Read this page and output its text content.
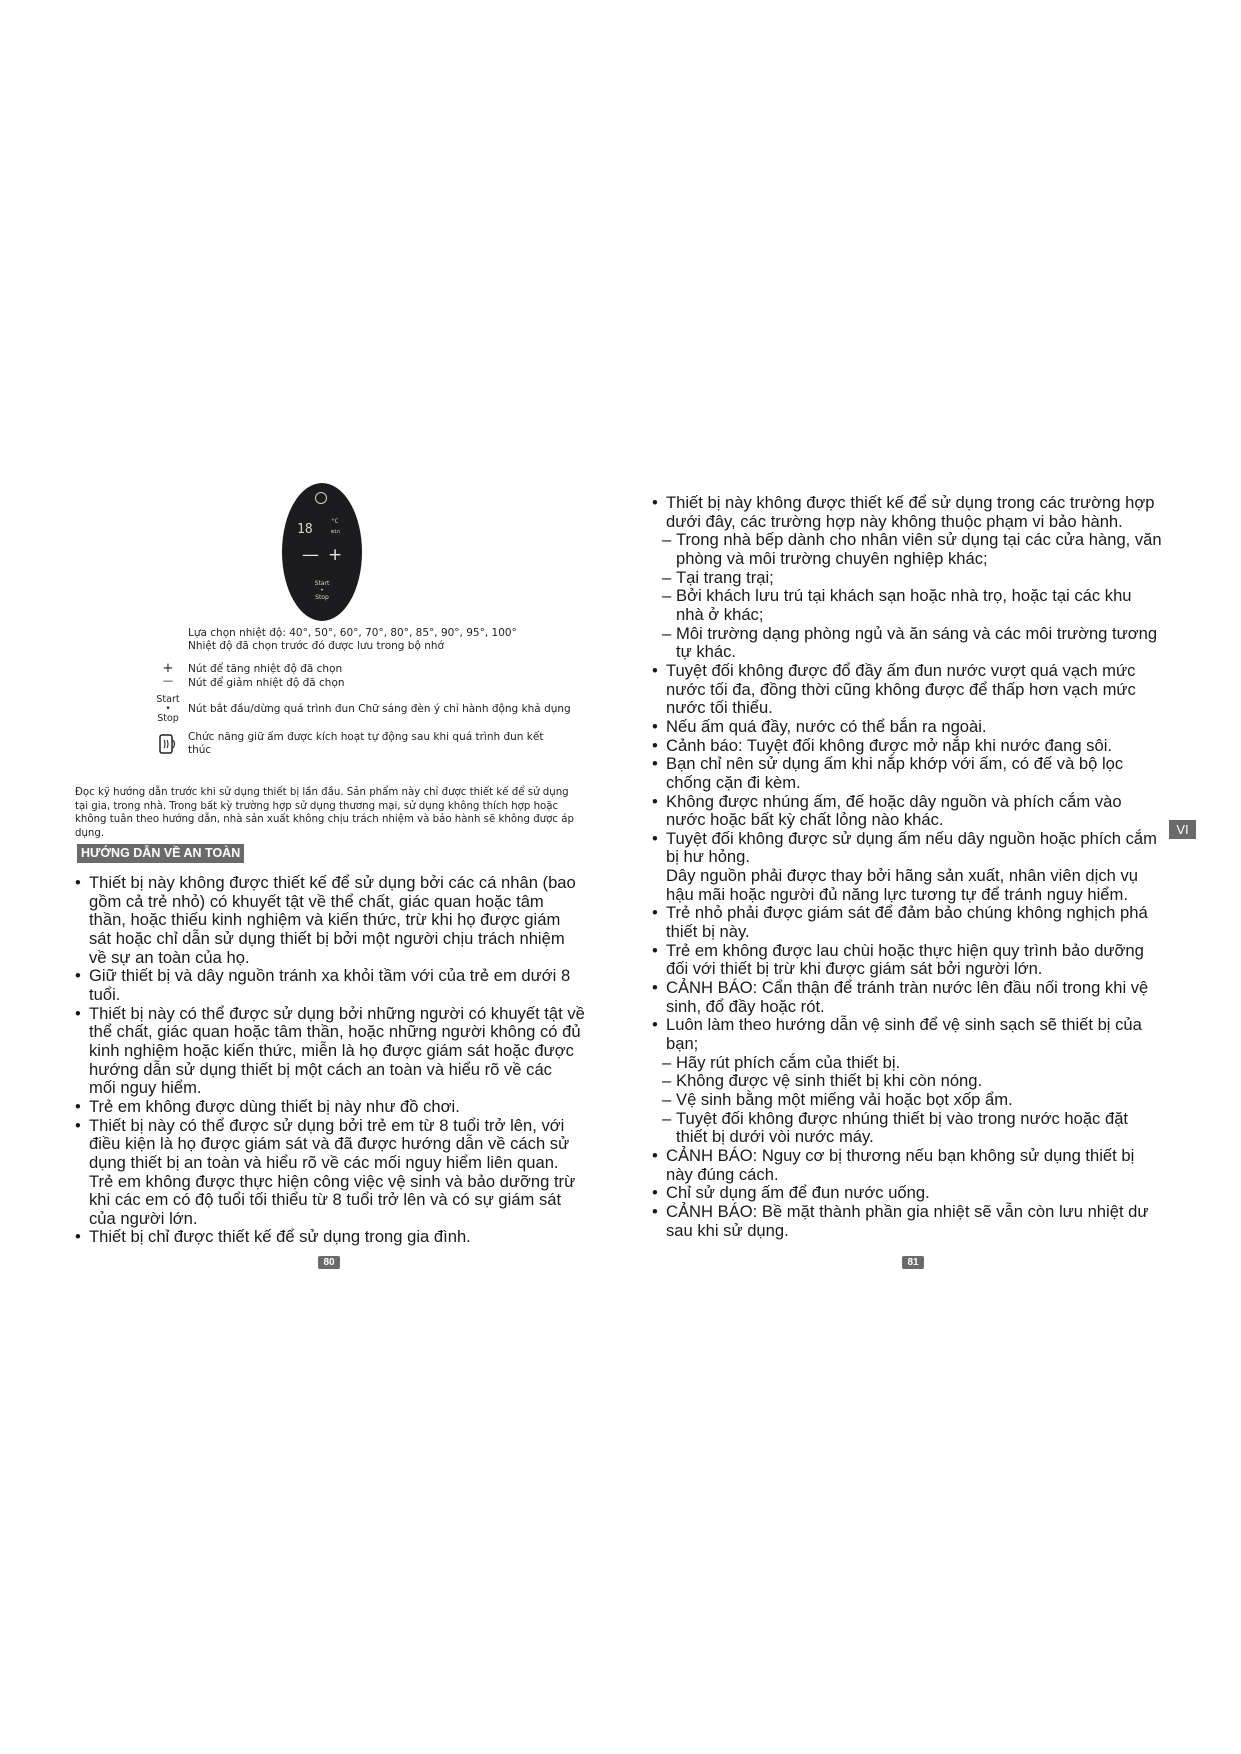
18
°C
min
— +
Start
•
Stop
Lựa chọn nhiệt độ: 40°, 50°, 60°, 70°, 80°, 85°, 90°, 95°, 100°
Nhiệt độ đã chọn trước đó được lưu trong bộ nhớ
+	Nút để tăng nhiệt độ đã chọn
—	Nút để giảm nhiệt độ đã chọn
Start
•
Stop
Nút bắt đầu/dừng quá trình đun Chữ sáng đèn ý chỉ hành động khả dụng
Chức năng giữ ấm được kích hoạt tự động sau khi quá trình đun kết
thúc
Đọc kỹ hướng dẫn trước khi sử dụng thiết bị lần đầu. Sản phẩm này chỉ được thiết kế để sử dụng
tại gia, trong nhà. Trong bất kỳ trường hợp sử dụng thương mại, sử dụng không thích hợp hoặc
không tuân theo hướng dẫn, nhà sản xuất không chịu trách nhiệm và bảo hành sẽ không được áp
dụng.
HƯỚNG DẪN VỀ AN TOÀN
• Thiết bị này không được thiết kế để sử dụng bởi các cá nhân (bao
gồm cả trẻ nhỏ) có khuyết tật về thể chất, giác quan hoặc tâm
thần, hoặc thiếu kinh nghiệm và kiến thức, trừ khi họ được giám
sát hoặc chỉ dẫn sử dụng thiết bị bởi một người chịu trách nhiệm
về sự an toàn của họ.
• Giữ thiết bị và dây nguồn tránh xa khỏi tầm với của trẻ em dưới 8
tuổi.
• Thiết bị này có thể được sử dụng bởi những người có khuyết tật về
thể chất, giác quan hoặc tâm thần, hoặc những người không có đủ
kinh nghiệm hoặc kiến thức, miễn là họ được giám sát hoặc được
hướng dẫn sử dụng thiết bị một cách an toàn và hiểu rõ về các
mối nguy hiểm.
• Trẻ em không được dùng thiết bị này như đồ chơi.
• Thiết bị này có thể được sử dụng bởi trẻ em từ 8 tuổi trở lên, với
điều kiện là họ được giám sát và đã được hướng dẫn về cách sử
dụng thiết bị an toàn và hiểu rõ về các mối nguy hiểm liên quan.
Trẻ em không được thực hiện công việc vệ sinh và bảo dưỡng trừ
khi các em có độ tuổi tối thiểu từ 8 tuổi trở lên và có sự giám sát
của người lớn.
• Thiết bị chỉ được thiết kế để sử dụng trong gia đình.
80
• Thiết bị này không được thiết kế để sử dụng trong các trường hợp
dưới đây, các trường hợp này không thuộc phạm vi bảo hành.
– Trong nhà bếp dành cho nhân viên sử dụng tại các cửa hàng, văn
phòng và môi trường chuyên nghiệp khác;
– Tại trang trại;
– Bởi khách lưu trú tại khách sạn hoặc nhà trọ, hoặc tại các khu
nhà ở khác;
– Môi trường dạng phòng ngủ và ăn sáng và các môi trường tương
tự khác.
• Tuyệt đối không được đổ đầy ấm đun nước vượt quá vạch mức
nước tối đa, đồng thời cũng không được để thấp hơn vạch mức
nước tối thiểu.
• Nếu ấm quá đầy, nước có thể bắn ra ngoài.
• Cảnh báo: Tuyệt đối không được mở nắp khi nước đang sôi.
• Bạn chỉ nên sử dụng ấm khi nắp khớp với ấm, có đế và bộ lọc
chống cặn đi kèm.
• Không được nhúng ấm, đế hoặc dây nguồn và phích cắm vào
nước hoặc bất kỳ chất lỏng nào khác.
• Tuyệt đối không được sử dụng ấm nếu dây nguồn hoặc phích cắm
bị hư hỏng.
Dây nguồn phải được thay bởi hãng sản xuất, nhân viên dịch vụ
hậu mãi hoặc người đủ năng lực tương tự để tránh nguy hiểm.
• Trẻ nhỏ phải được giám sát để đảm bảo chúng không nghịch phá
thiết bị này.
• Trẻ em không được lau chùi hoặc thực hiện quy trình bảo dưỡng
đối với thiết bị trừ khi được giám sát bởi người lớn.
• CẢNH BÁO: Cẩn thận để tránh tràn nước lên đầu nối trong khi vệ
sinh, đổ đầy hoặc rót.
• Luôn làm theo hướng dẫn vệ sinh để vệ sinh sạch sẽ thiết bị của
bạn;
– Hãy rút phích cắm của thiết bị.
– Không được vệ sinh thiết bị khi còn nóng.
– Vệ sinh bằng một miếng vải hoặc bọt xốp ẩm.
– Tuyệt đối không được nhúng thiết bị vào trong nước hoặc đặt
thiết bị dưới vòi nước máy.
• CẢNH BÁO: Nguy cơ bị thương nếu bạn không sử dụng thiết bị
này đúng cách.
• Chỉ sử dụng ấm để đun nước uống.
• CẢNH BÁO: Bề mặt thành phần gia nhiệt sẽ vẫn còn lưu nhiệt dư
sau khi sử dụng.
81
VI
